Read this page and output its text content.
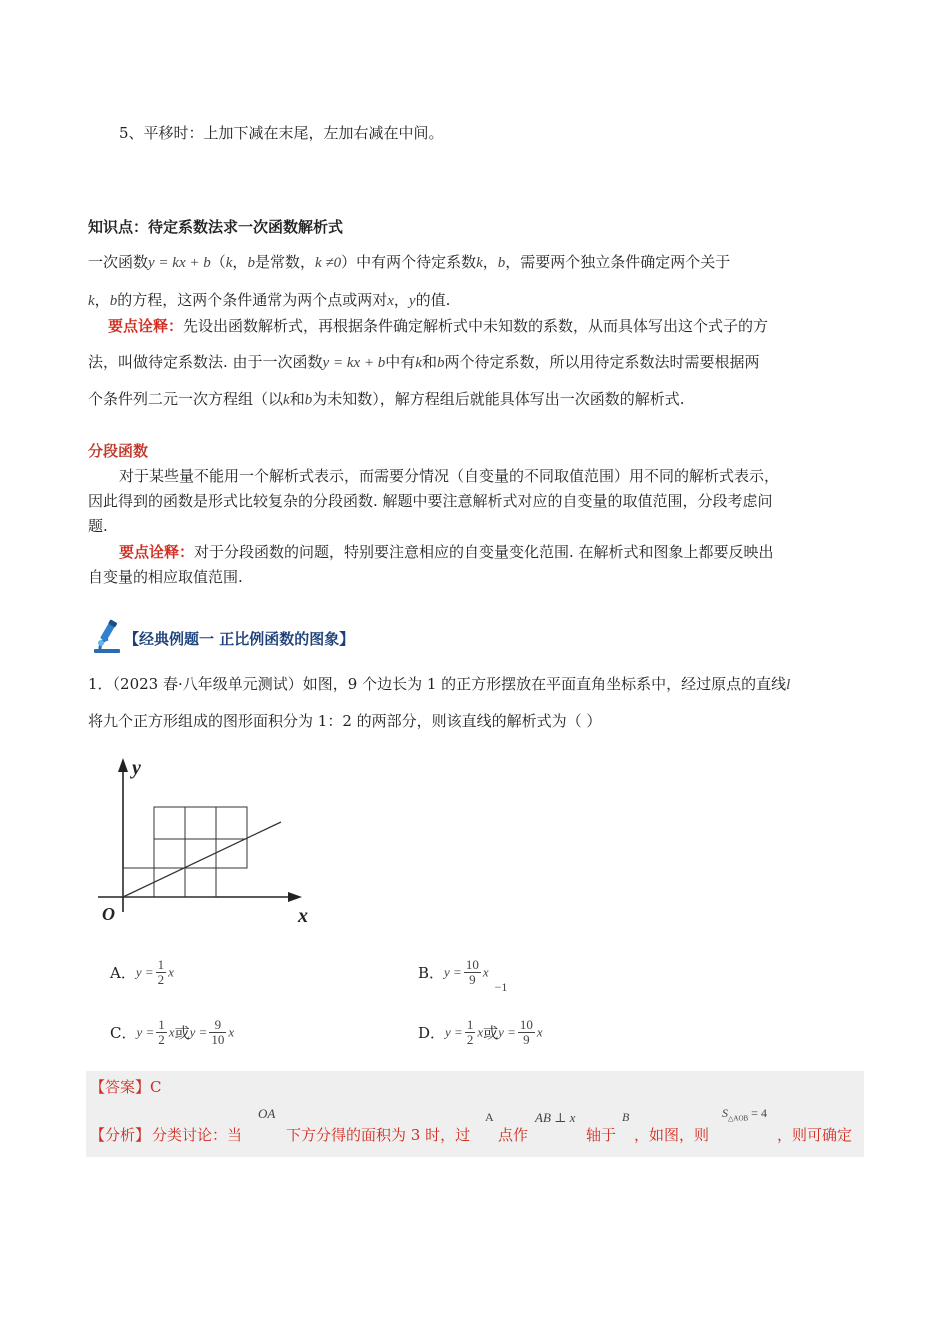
5、平移时：上加下减在末尾，左加右减在中间。
知识点：待定系数法求一次函数解析式
一次函数y = kx + b（k，b是常数，k ≠0）中有两个待定系数k，b，需要两个独立条件确定两个关于
k，b的方程，这两个条件通常为两个点或两对x，y的值.
要点诠释：先设出函数解析式，再根据条件确定解析式中未知数的系数，从而具体写出这个式子的方
法，叫做待定系数法. 由于一次函数y = kx + b中有k和b两个待定系数，所以用待定系数法时需要根据两
个条件列二元一次方程组（以k和b为未知数），解方程组后就能具体写出一次函数的解析式.
分段函数
对于某些量不能用一个解析式表示，而需要分情况（自变量的不同取值范围）用不同的解析式表示，
因此得到的函数是形式比较复杂的分段函数. 解题中要注意解析式对应的自变量的取值范围，分段考虑问
题.
要点诠释：对于分段函数的问题，特别要注意相应的自变量变化范围. 在解析式和图象上都要反映出
自变量的相应取值范围.
【经典例题一 正比例函数的图象】
1．（2023 春·八年级单元测试）如图，9 个边长为 1 的正方形摆放在平面直角坐标系中，经过原点的直线l
将九个正方形组成的图形面积分为 1：2 的两部分，则该直线的解析式为（ ）
y
x
O
A．$y = \frac{1}{2}$ x	B．$y = \frac{10}{9} x_{-1}$
C．$y = \frac{1}{2}$ x或$y = \frac{9}{10}$ x	D．$y = \frac{1}{2}$ x或$y = \frac{10}{9}$ x
【答案】C
【分析】 分类讨论：当
OA
下方分得的面积为 3 时，过
A
点作
AB ⊥ x
轴于
B
，如图，则
$S_{\triangle AOB} = 4$
，则可确定
